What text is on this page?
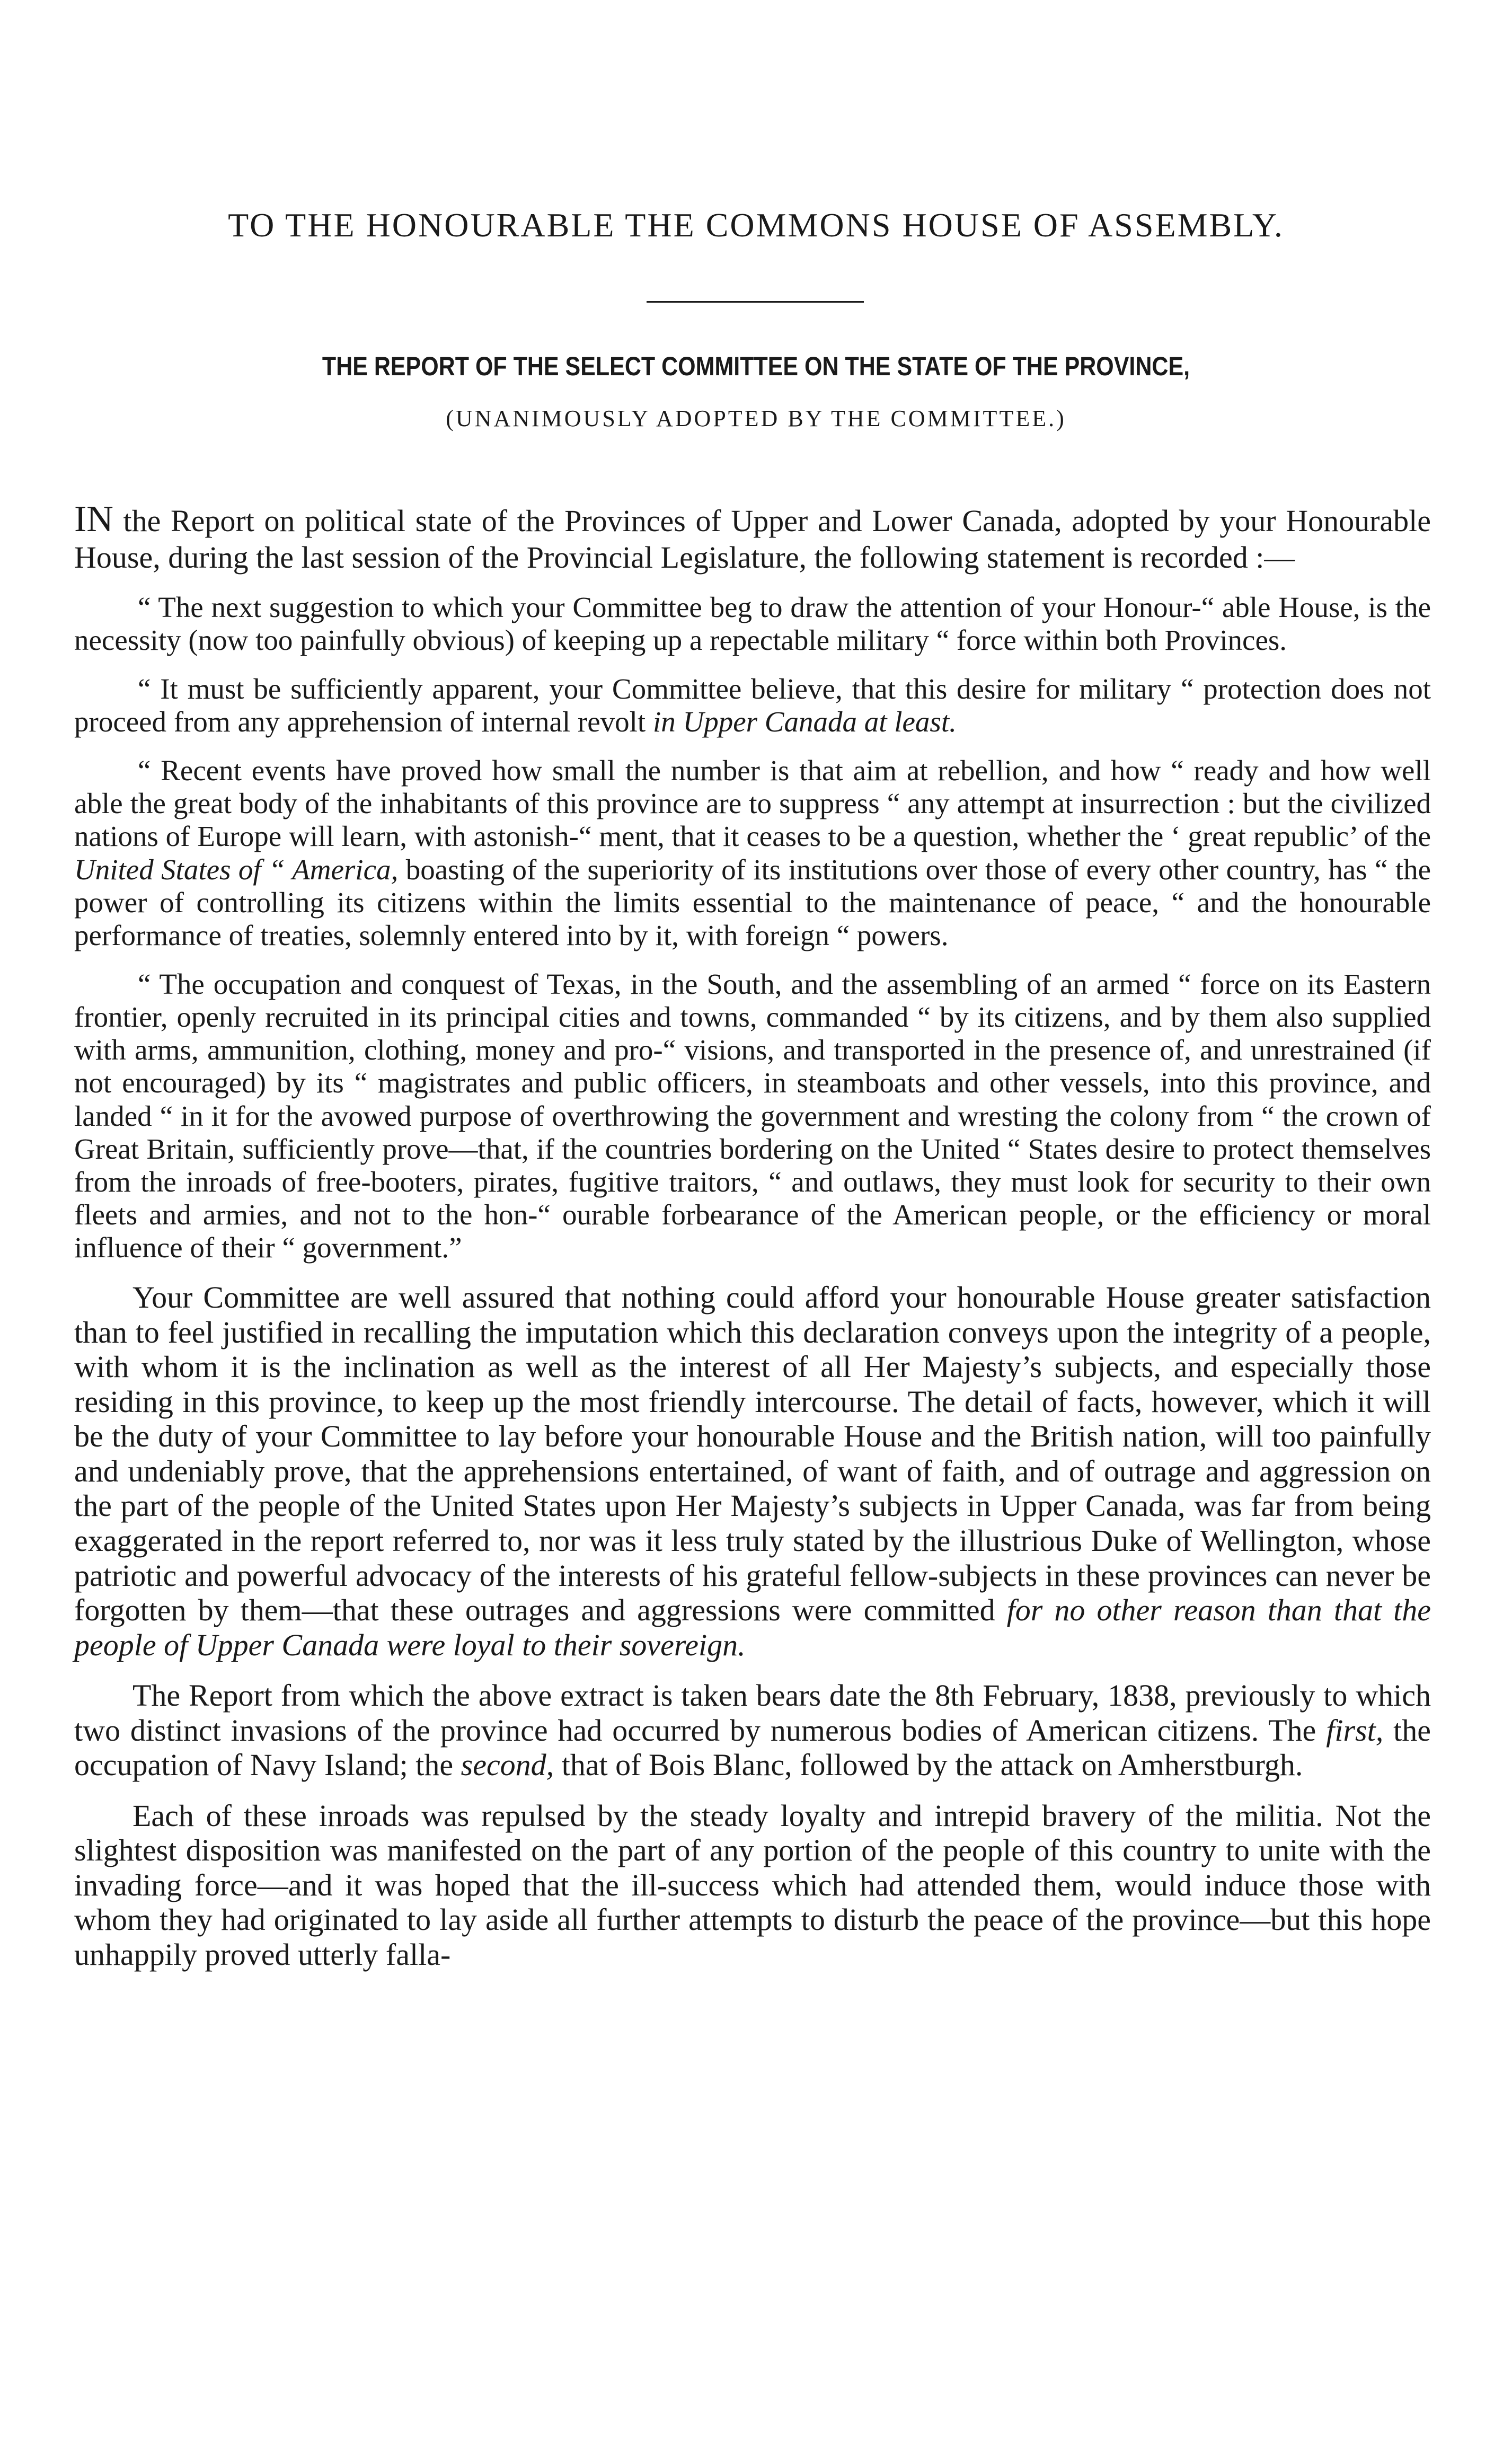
TO THE HONOURABLE THE COMMONS HOUSE OF ASSEMBLY.
THE REPORT OF THE SELECT COMMITTEE ON THE STATE OF THE PROVINCE,
(UNANIMOUSLY ADOPTED BY THE COMMITTEE.)

IN the Report on political state of the Provinces of Upper and Lower Canada, adopted by your Honourable House, during the last session of the Provincial Legislature, the following statement is recorded :—

“ The next suggestion to which your Committee beg to draw the attention of your Honour-“ able House, is the necessity (now too painfully obvious) of keeping up a repectable military “ force within both Provinces.

“ It must be sufficiently apparent, your Committee believe, that this desire for military “ protection does not proceed from any apprehension of internal revolt in Upper Canada at least.

“ Recent events have proved how small the number is that aim at rebellion, and how “ ready and how well able the great body of the inhabitants of this province are to suppress “ any attempt at insurrection : but the civilized nations of Europe will learn, with astonish-“ ment, that it ceases to be a question, whether the ‘ great republic’ of the United States of “ America, boasting of the superiority of its institutions over those of every other country, has “ the power of controlling its citizens within the limits essential to the maintenance of peace, “ and the honourable performance of treaties, solemnly entered into by it, with foreign “ powers.

“ The occupation and conquest of Texas, in the South, and the assembling of an armed “ force on its Eastern frontier, openly recruited in its principal cities and towns, commanded “ by its citizens, and by them also supplied with arms, ammunition, clothing, money and pro-“ visions, and transported in the presence of, and unrestrained (if not encouraged) by its “ magistrates and public officers, in steamboats and other vessels, into this province, and landed “ in it for the avowed purpose of overthrowing the government and wresting the colony from “ the crown of Great Britain, sufficiently prove—that, if the countries bordering on the United “ States desire to protect themselves from the inroads of free-booters, pirates, fugitive traitors, “ and outlaws, they must look for security to their own fleets and armies, and not to the hon-“ ourable forbearance of the American people, or the efficiency or moral influence of their “ government.”

Your Committee are well assured that nothing could afford your honourable House greater satisfaction than to feel justified in recalling the imputation which this declaration conveys upon the integrity of a people, with whom it is the inclination as well as the interest of all Her Majesty’s subjects, and especially those residing in this province, to keep up the most friendly intercourse. The detail of facts, however, which it will be the duty of your Committee to lay before your honourable House and the British nation, will too painfully and undeniably prove, that the apprehensions entertained, of want of faith, and of outrage and aggression on the part of the people of the United States upon Her Majesty’s subjects in Upper Canada, was far from being exaggerated in the report referred to, nor was it less truly stated by the illustrious Duke of Wellington, whose patriotic and powerful advocacy of the interests of his grateful fellow-subjects in these provinces can never be forgotten by them—that these outrages and aggressions were committed for no other reason than that the people of Upper Canada were loyal to their sovereign.

The Report from which the above extract is taken bears date the 8th February, 1838, previously to which two distinct invasions of the province had occurred by numerous bodies of American citizens. The first, the occupation of Navy Island; the second, that of Bois Blanc, followed by the attack on Amherstburgh.

Each of these inroads was repulsed by the steady loyalty and intrepid bravery of the militia. Not the slightest disposition was manifested on the part of any portion of the people of this country to unite with the invading force—and it was hoped that the ill-success which had attended them, would induce those with whom they had originated to lay aside all further attempts to disturb the peace of the province—but this hope unhappily proved utterly falla-
